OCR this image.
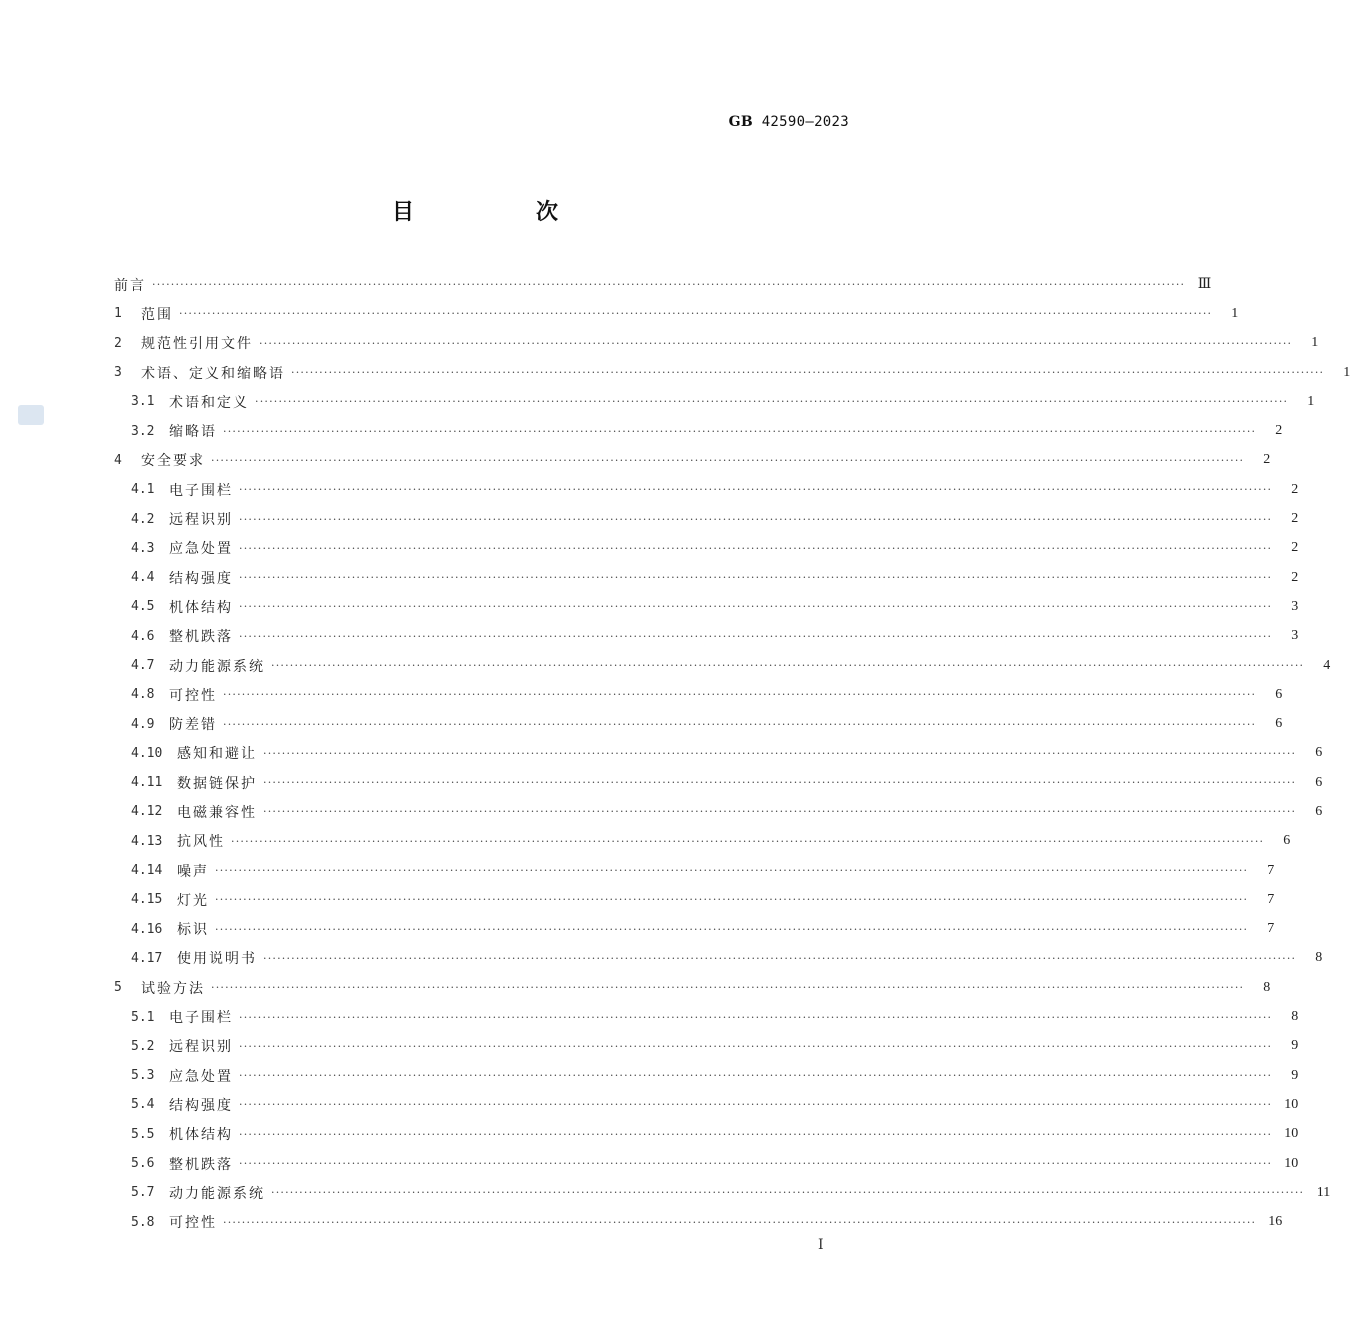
GB 42590—2023
目　次
前言 ···························································································································································································································· Ⅲ
1	范围 ····························································································································································································································	1
2	规范性引用文件 ····························································································································································································································	1
3	术语、定义和缩略语 ····························································································································································································································	1
3.1	术语和定义 ····························································································································································································································	1
3.2	缩略语 ····························································································································································································································	2
4	安全要求 ····························································································································································································································	2
4.1	电子围栏 ····························································································································································································································	2
4.2	远程识别 ····························································································································································································································	2
4.3	应急处置 ····························································································································································································································	2
4.4	结构强度 ····························································································································································································································	2
4.5	机体结构 ····························································································································································································································	3
4.6	整机跌落 ····························································································································································································································	3
4.7	动力能源系统 ····························································································································································································································	4
4.8	可控性 ····························································································································································································································	6
4.9	防差错 ····························································································································································································································	6
4.10	感知和避让 ····························································································································································································································	6
4.11	数据链保护 ····························································································································································································································	6
4.12	电磁兼容性 ····························································································································································································································	6
4.13	抗风性 ····························································································································································································································	6
4.14	噪声 ····························································································································································································································	7
4.15	灯光 ····························································································································································································································	7
4.16	标识 ····························································································································································································································	7
4.17	使用说明书 ····························································································································································································································	8
5	试验方法 ····························································································································································································································	8
5.1	电子围栏 ····························································································································································································································	8
5.2	远程识别 ····························································································································································································································	9
5.3	应急处置 ····························································································································································································································	9
5.4	结构强度 ···························································································································································································································· 10
5.5	机体结构 ···························································································································································································································· 10
5.6	整机跌落 ···························································································································································································································· 10
5.7	动力能源系统 ···························································································································································································································· 11
5.8	可控性 ···························································································································································································································· 16
Ⅰ
